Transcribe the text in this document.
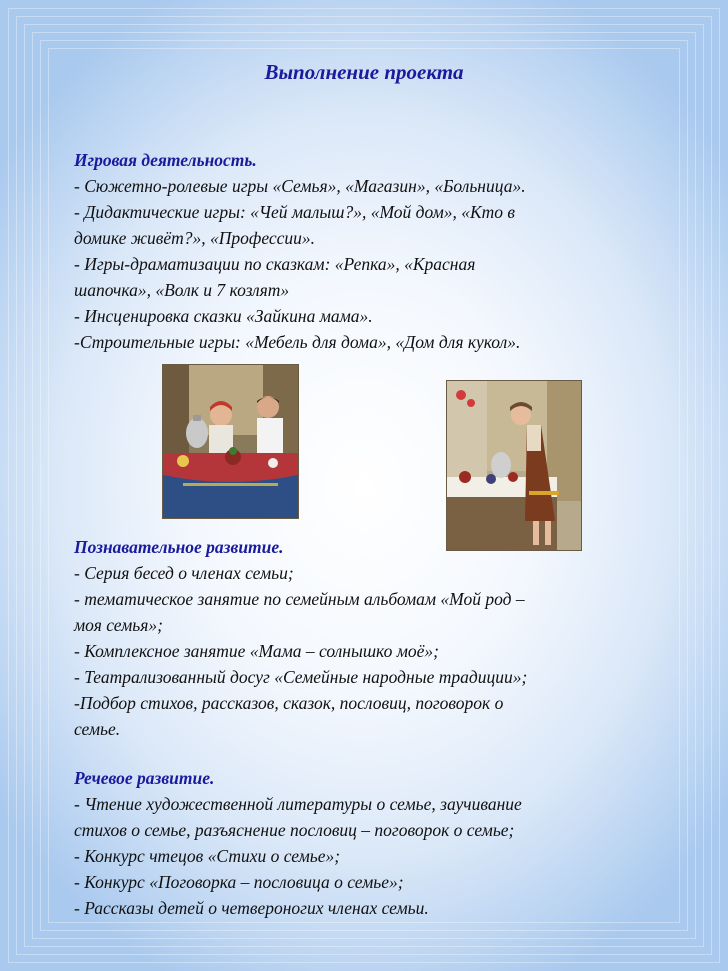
Выполнение проекта
Игровая деятельность.
- Сюжетно-ролевые игры «Семья», «Магазин», «Больница».
- Дидактические игры: «Чей малыш?», «Мой дом», «Кто в
домике живёт?», «Профессии».
- Игры-драматизации по сказкам: «Репка», «Красная
шапочка», «Волк и 7 козлят»
- Инсценировка сказки «Зайкина мама».
-Строительные игры: «Мебель для дома», «Дом для кукол».
Познавательное развитие.
- Серия бесед о членах семьи;
- тематическое занятие по семейным альбомам «Мой род –
моя семья»;
- Комплексное занятие «Мама – солнышко моё»;
- Театрализованный досуг «Семейные народные традиции»;
-Подбор стихов, рассказов, сказок, пословиц, поговорок о
семье.
Речевое развитие.
- Чтение художественной литературы о семье, заучивание
стихов о семье, разъяснение пословиц – поговорок о семье;
- Конкурс чтецов «Стихи о семье»;
- Конкурс «Поговорка – пословица о семье»;
- Рассказы детей о четвероногих членах семьи.
